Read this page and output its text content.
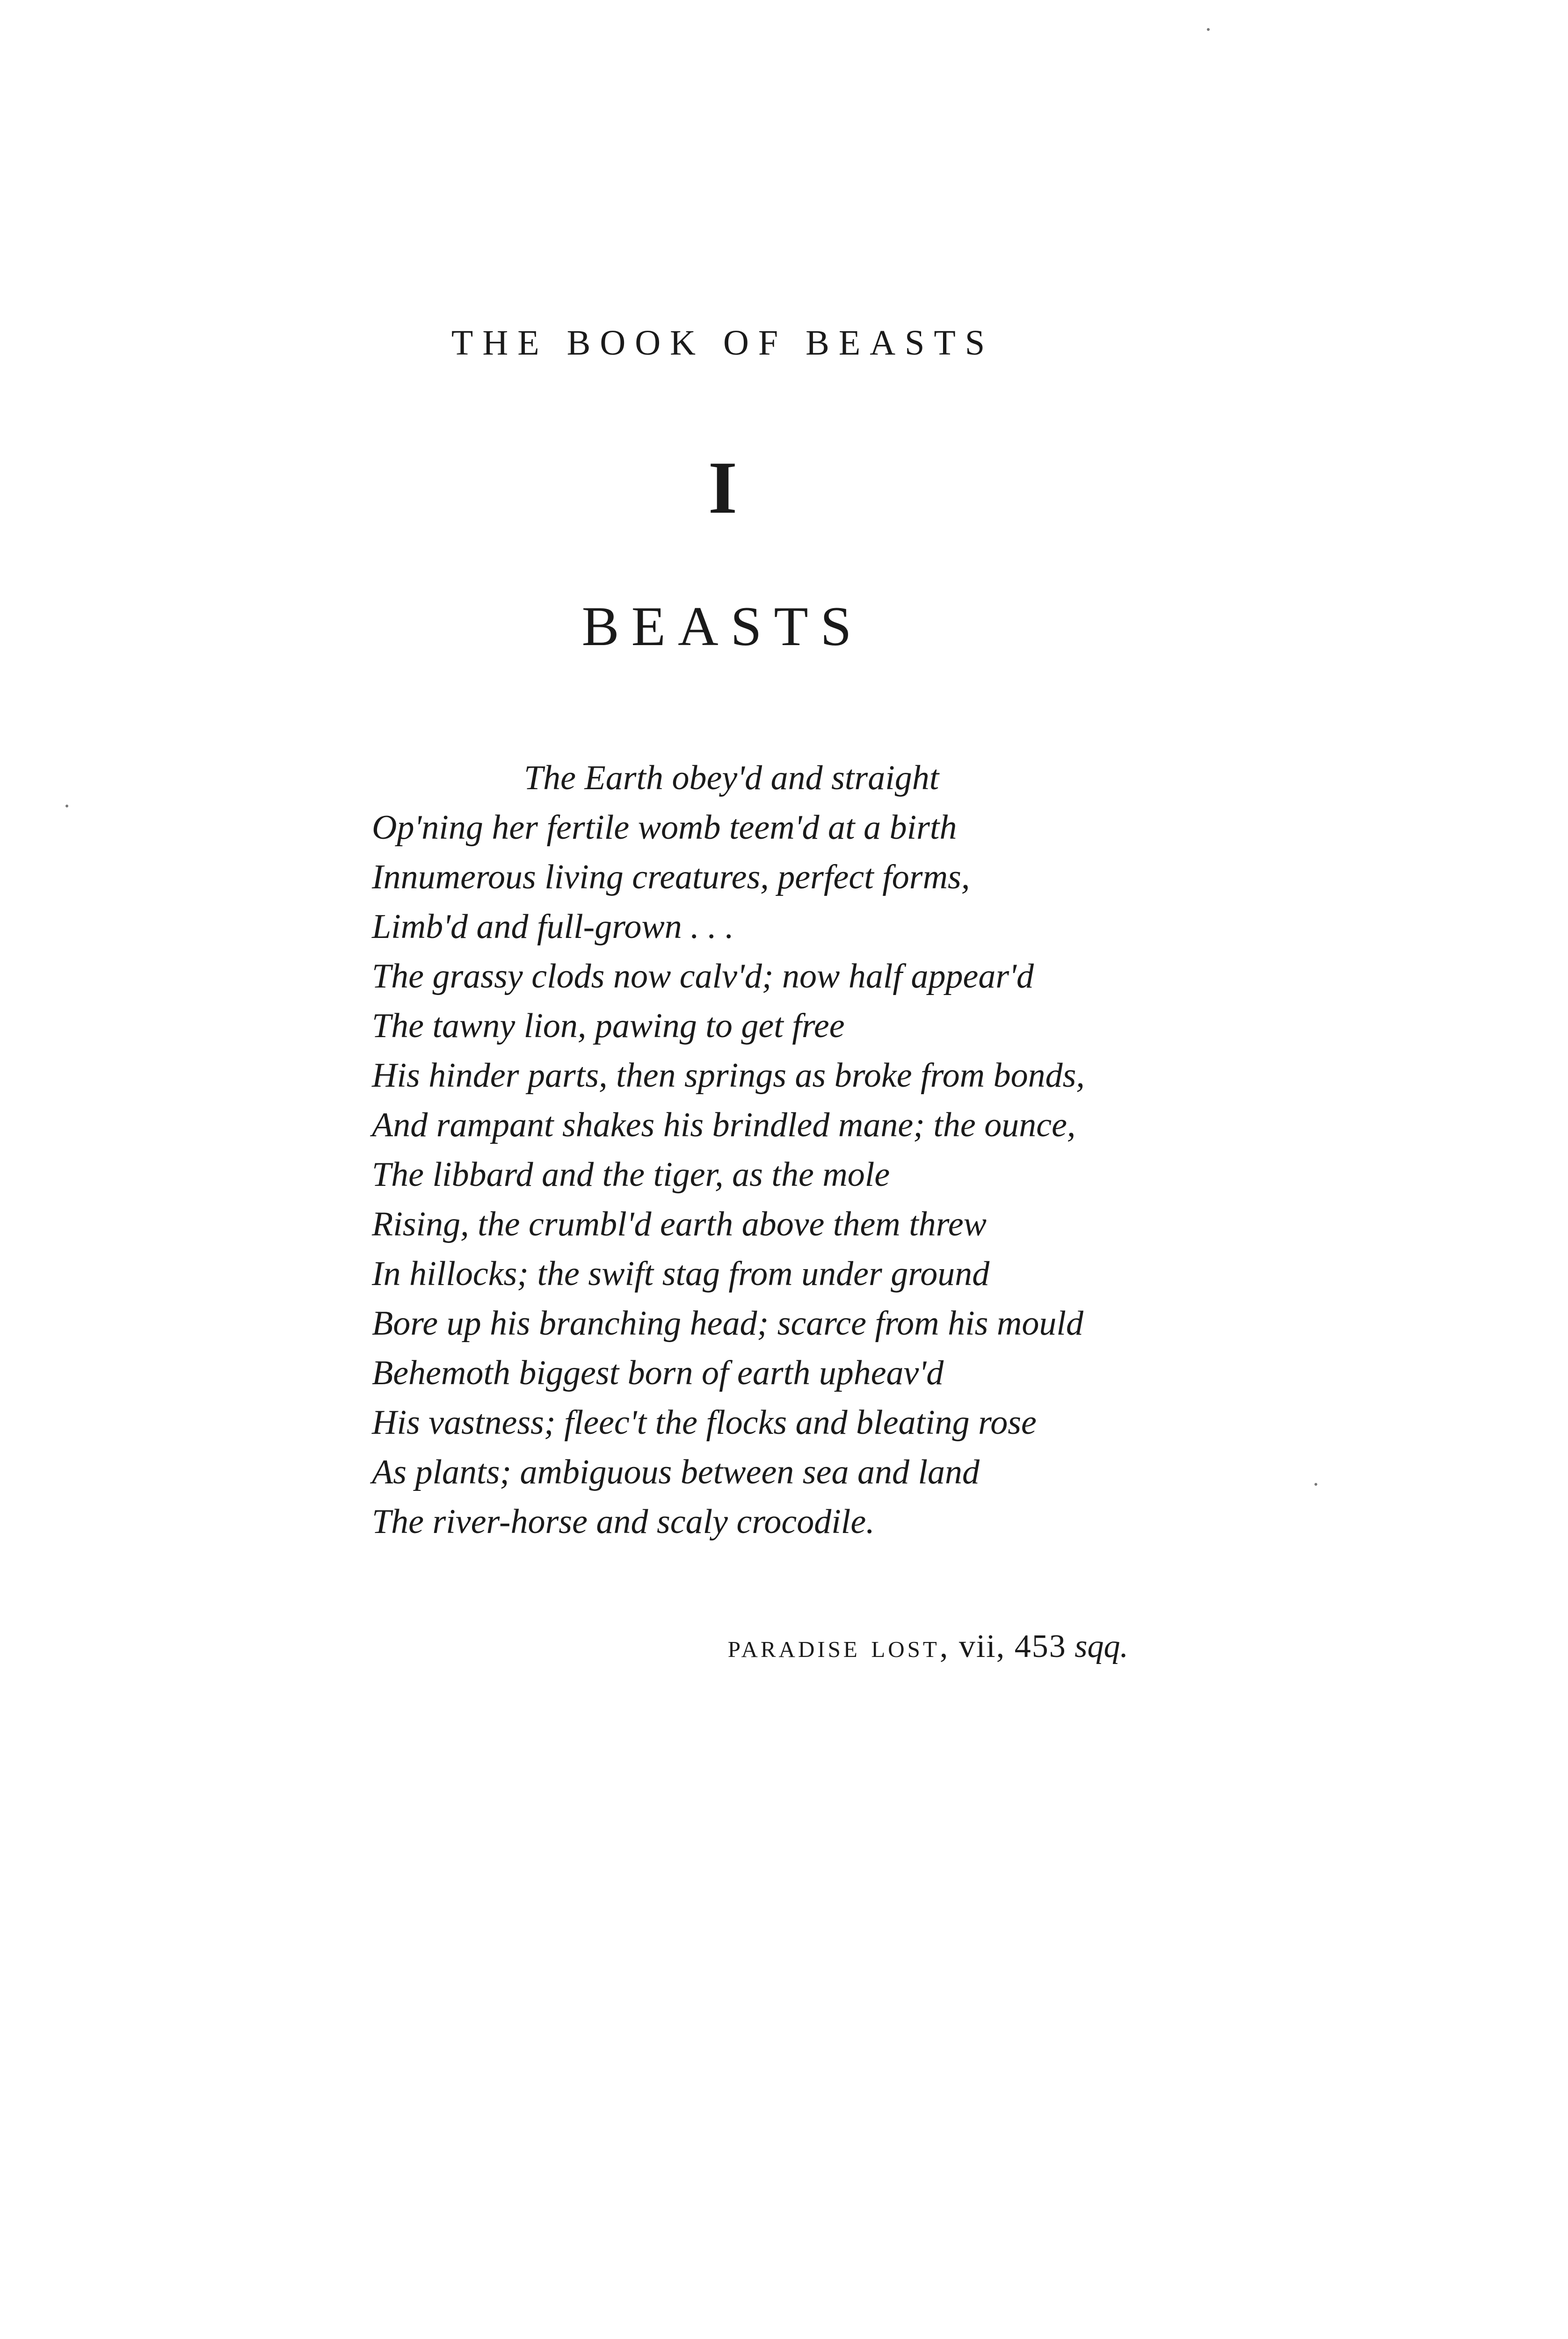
THE BOOK OF BEASTS
I
BEASTS
The Earth obey'd and straight
Op'ning her fertile womb teem'd at a birth
Innumerous living creatures, perfect forms,
Limb'd and full-grown . . .
The grassy clods now calv'd; now half appear'd
The tawny lion, pawing to get free
His hinder parts, then springs as broke from bonds,
And rampant shakes his brindled mane; the ounce,
The libbard and the tiger, as the mole
Rising, the crumbl'd earth above them threw
In hillocks; the swift stag from under ground
Bore up his branching head; scarce from his mould
Behemoth biggest born of earth upheav'd
His vastness; fleec't the flocks and bleating rose
As plants; ambiguous between sea and land
The river-horse and scaly crocodile.
paradise lost, vii, 453 sqq.
